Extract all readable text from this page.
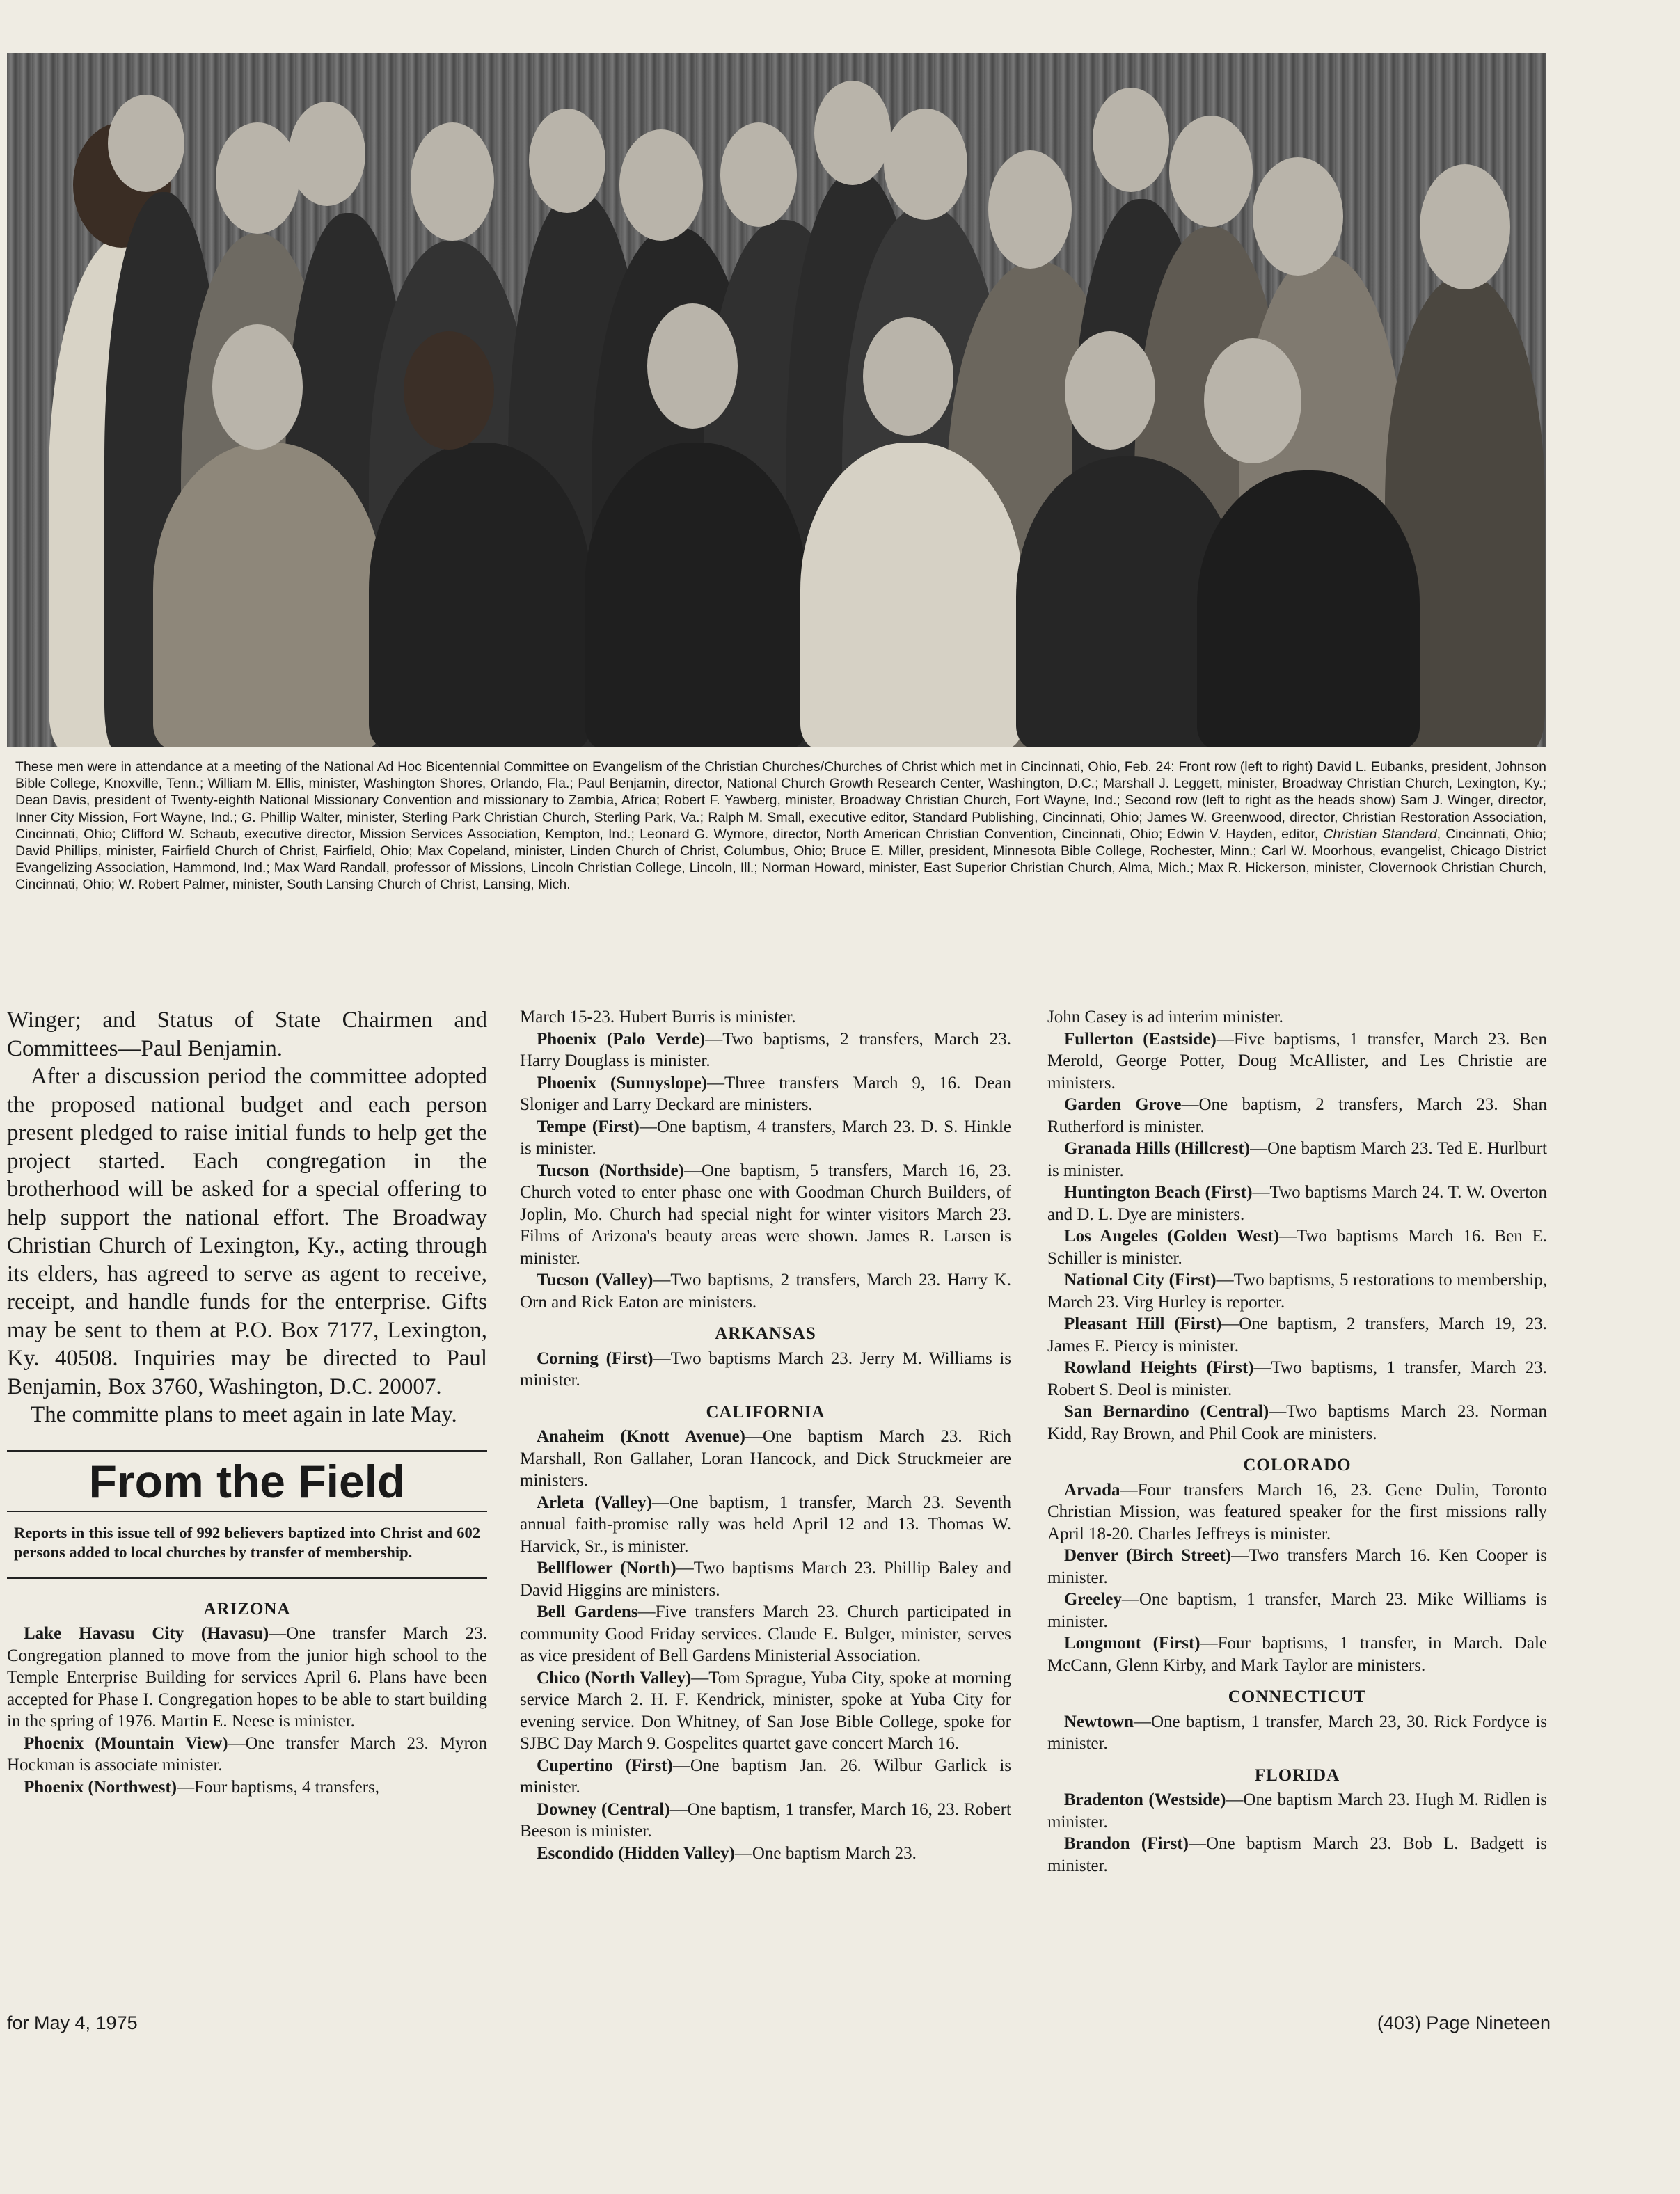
These men were in attendance at a meeting of the National Ad Hoc Bicentennial Committee on Evangelism of the Christian Churches/Churches of Christ which met in Cincinnati, Ohio, Feb. 24: Front row (left to right) David L. Eubanks, president, Johnson Bible College, Knoxville, Tenn.; William M. Ellis, minister, Washington Shores, Orlando, Fla.; Paul Benjamin, director, National Church Growth Research Center, Washington, D.C.; Marshall J. Leggett, minister, Broadway Christian Church, Lexington, Ky.; Dean Davis, president of Twenty-eighth National Missionary Convention and missionary to Zambia, Africa; Robert F. Yawberg, minister, Broadway Christian Church, Fort Wayne, Ind.; Second row (left to right as the heads show) Sam J. Winger, director, Inner City Mission, Fort Wayne, Ind.; G. Phillip Walter, minister, Sterling Park Christian Church, Sterling Park, Va.; Ralph M. Small, executive editor, Standard Publishing, Cincinnati, Ohio; James W. Greenwood, director, Christian Restoration Association, Cincinnati, Ohio; Clifford W. Schaub, executive director, Mission Services Association, Kempton, Ind.; Leonard G. Wymore, director, North American Christian Convention, Cincinnati, Ohio; Edwin V. Hayden, editor, Christian Standard, Cincinnati, Ohio; David Phillips, minister, Fairfield Church of Christ, Fairfield, Ohio; Max Copeland, minister, Linden Church of Christ, Columbus, Ohio; Bruce E. Miller, president, Minnesota Bible College, Rochester, Minn.; Carl W. Moorhous, evangelist, Chicago District Evangelizing Association, Hammond, Ind.; Max Ward Randall, professor of Missions, Lincoln Christian College, Lincoln, Ill.; Norman Howard, minister, East Superior Christian Church, Alma, Mich.; Max R. Hickerson, minister, Clovernook Christian Church, Cincinnati, Ohio; W. Robert Palmer, minister, South Lansing Church of Christ, Lansing, Mich.

Winger; and Status of State Chairmen and Committees—Paul Benjamin.

After a discussion period the committee adopted the proposed national budget and each person present pledged to raise initial funds to help get the project started. Each congregation in the brotherhood will be asked for a special offering to help support the national effort. The Broadway Christian Church of Lexington, Ky., acting through its elders, has agreed to serve as agent to receive, receipt, and handle funds for the enterprise. Gifts may be sent to them at P.O. Box 7177, Lexington, Ky. 40508. Inquiries may be directed to Paul Benjamin, Box 3760, Washington, D.C. 20007.

The committe plans to meet again in late May.

From the Field

Reports in this issue tell of 992 believers baptized into Christ and 602 persons added to local churches by transfer of membership.

ARIZONA

Lake Havasu City (Havasu)—One transfer March 23. Congregation planned to move from the junior high school to the Temple Enterprise Building for services April 6. Plans have been accepted for Phase I. Congregation hopes to be able to start building in the spring of 1976. Martin E. Neese is minister.

Phoenix (Mountain View)—One transfer March 23. Myron Hockman is associate minister.

Phoenix (Northwest)—Four baptisms, 4 transfers,

March 15-23. Hubert Burris is minister.

Phoenix (Palo Verde)—Two baptisms, 2 transfers, March 23. Harry Douglass is minister.

Phoenix (Sunnyslope)—Three transfers March 9, 16. Dean Sloniger and Larry Deckard are ministers.

Tempe (First)—One baptism, 4 transfers, March 23. D. S. Hinkle is minister.

Tucson (Northside)—One baptism, 5 transfers, March 16, 23. Church voted to enter phase one with Goodman Church Builders, of Joplin, Mo. Church had special night for winter visitors March 23. Films of Arizona's beauty areas were shown. James R. Larsen is minister.

Tucson (Valley)—Two baptisms, 2 transfers, March 23. Harry K. Orn and Rick Eaton are ministers.

ARKANSAS

Corning (First)—Two baptisms March 23. Jerry M. Williams is minister.

CALIFORNIA

Anaheim (Knott Avenue)—One baptism March 23. Rich Marshall, Ron Gallaher, Loran Hancock, and Dick Struckmeier are ministers.

Arleta (Valley)—One baptism, 1 transfer, March 23. Seventh annual faith-promise rally was held April 12 and 13. Thomas W. Harvick, Sr., is minister.

Bellflower (North)—Two baptisms March 23. Phillip Baley and David Higgins are ministers.

Bell Gardens—Five transfers March 23. Church participated in community Good Friday services. Claude E. Bulger, minister, serves as vice president of Bell Gardens Ministerial Association.

Chico (North Valley)—Tom Sprague, Yuba City, spoke at morning service March 2. H. F. Kendrick, minister, spoke at Yuba City for evening service. Don Whitney, of San Jose Bible College, spoke for SJBC Day March 9. Gospelites quartet gave concert March 16.

Cupertino (First)—One baptism Jan. 26. Wilbur Garlick is minister.

Downey (Central)—One baptism, 1 transfer, March 16, 23. Robert Beeson is minister.

Escondido (Hidden Valley)—One baptism March 23.

John Casey is ad interim minister.

Fullerton (Eastside)—Five baptisms, 1 transfer, March 23. Ben Merold, George Potter, Doug McAllister, and Les Christie are ministers.

Garden Grove—One baptism, 2 transfers, March 23. Shan Rutherford is minister.

Granada Hills (Hillcrest)—One baptism March 23. Ted E. Hurlburt is minister.

Huntington Beach (First)—Two baptisms March 24. T. W. Overton and D. L. Dye are ministers.

Los Angeles (Golden West)—Two baptisms March 16. Ben E. Schiller is minister.

National City (First)—Two baptisms, 5 restorations to membership, March 23. Virg Hurley is reporter.

Pleasant Hill (First)—One baptism, 2 transfers, March 19, 23. James E. Piercy is minister.

Rowland Heights (First)—Two baptisms, 1 transfer, March 23. Robert S. Deol is minister.

San Bernardino (Central)—Two baptisms March 23. Norman Kidd, Ray Brown, and Phil Cook are ministers.

COLORADO

Arvada—Four transfers March 16, 23. Gene Dulin, Toronto Christian Mission, was featured speaker for the first missions rally April 18-20. Charles Jeffreys is minister.

Denver (Birch Street)—Two transfers March 16. Ken Cooper is minister.

Greeley—One baptism, 1 transfer, March 23. Mike Williams is minister.

Longmont (First)—Four baptisms, 1 transfer, in March. Dale McCann, Glenn Kirby, and Mark Taylor are ministers.

CONNECTICUT

Newtown—One baptism, 1 transfer, March 23, 30. Rick Fordyce is minister.

FLORIDA

Bradenton (Westside)—One baptism March 23. Hugh M. Ridlen is minister.

Brandon (First)—One baptism March 23. Bob L. Badgett is minister.

for May 4, 1975	(403) Page Nineteen
